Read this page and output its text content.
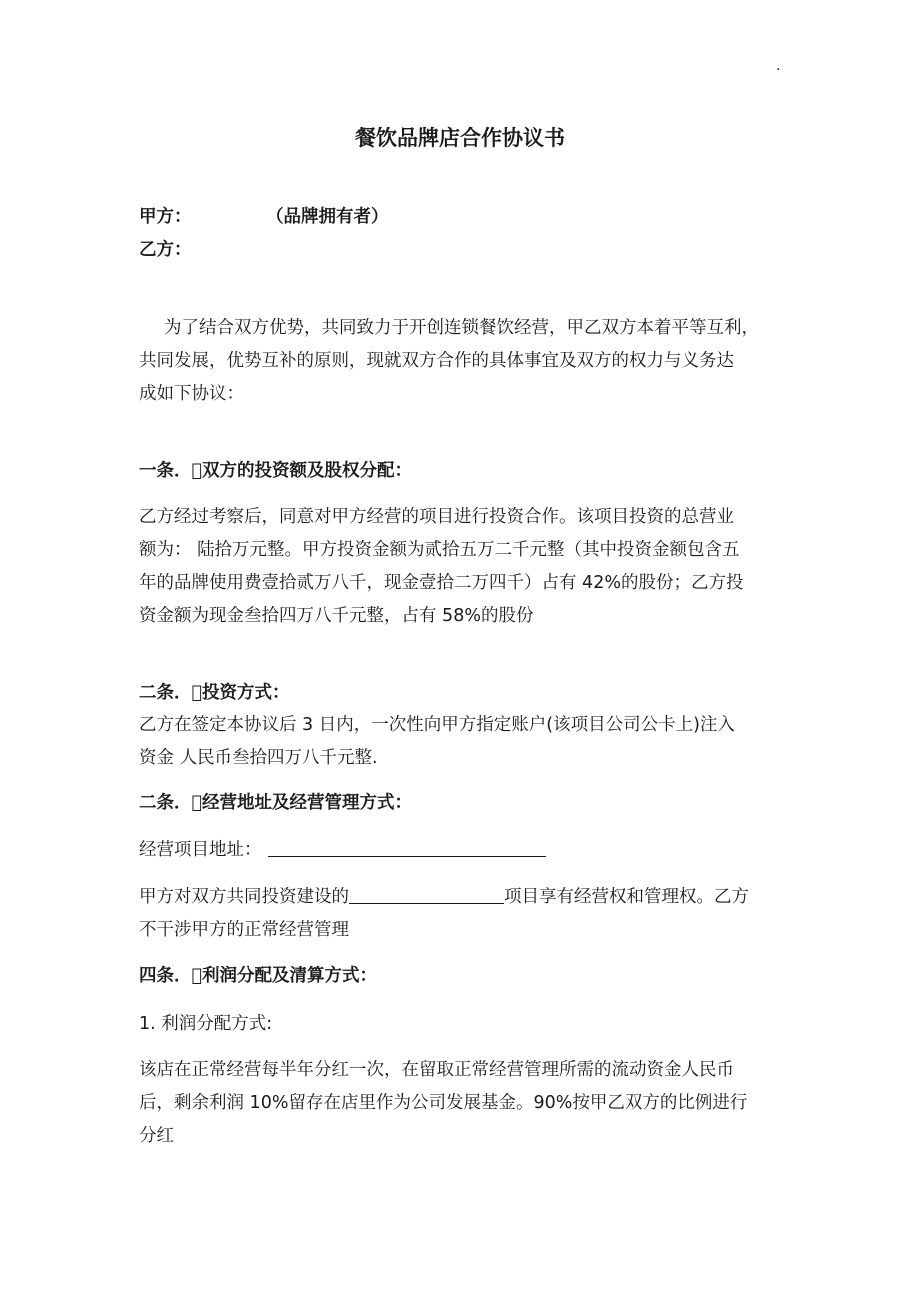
.
餐饮品牌店合作协议书
甲方：	（品牌拥有者）
乙方：
为了结合双方优势，共同致力于开创连锁餐饮经营，甲乙双方本着平等互利，
共同发展，优势互补的原则，现就双方合作的具体事宜及双方的权力与义务达
成如下协议：
一条． 双方的投资额及股权分配：
乙方经过考察后，同意对甲方经营的项目进行投资合作。该项目投资的总营业
额为： 陆拾万元整。甲方投资金额为贰拾五万二千元整（其中投资金额包含五
年的品牌使用费壹拾贰万八千，现金壹拾二万四千）占有 42%的股份；乙方投
资金额为现金叁拾四万八千元整，占有 58%的股份
二条． 投资方式：
乙方在签定本协议后 3 日内，一次性向甲方指定账户(该项目公司公卡上)注入
资金 人民币叁拾四万八千元整.
二条． 经营地址及经营管理方式：
经营项目地址：
甲方对双方共同投资建设的	项目享有经营权和管理权。乙方
不干涉甲方的正常经营管理
四条． 利润分配及清算方式：
1. 利润分配方式:
该店在正常经营每半年分红一次，在留取正常经营管理所需的流动资金人民币
后，剩余利润 10%留存在店里作为公司发展基金。90%按甲乙双方的比例进行
分红
